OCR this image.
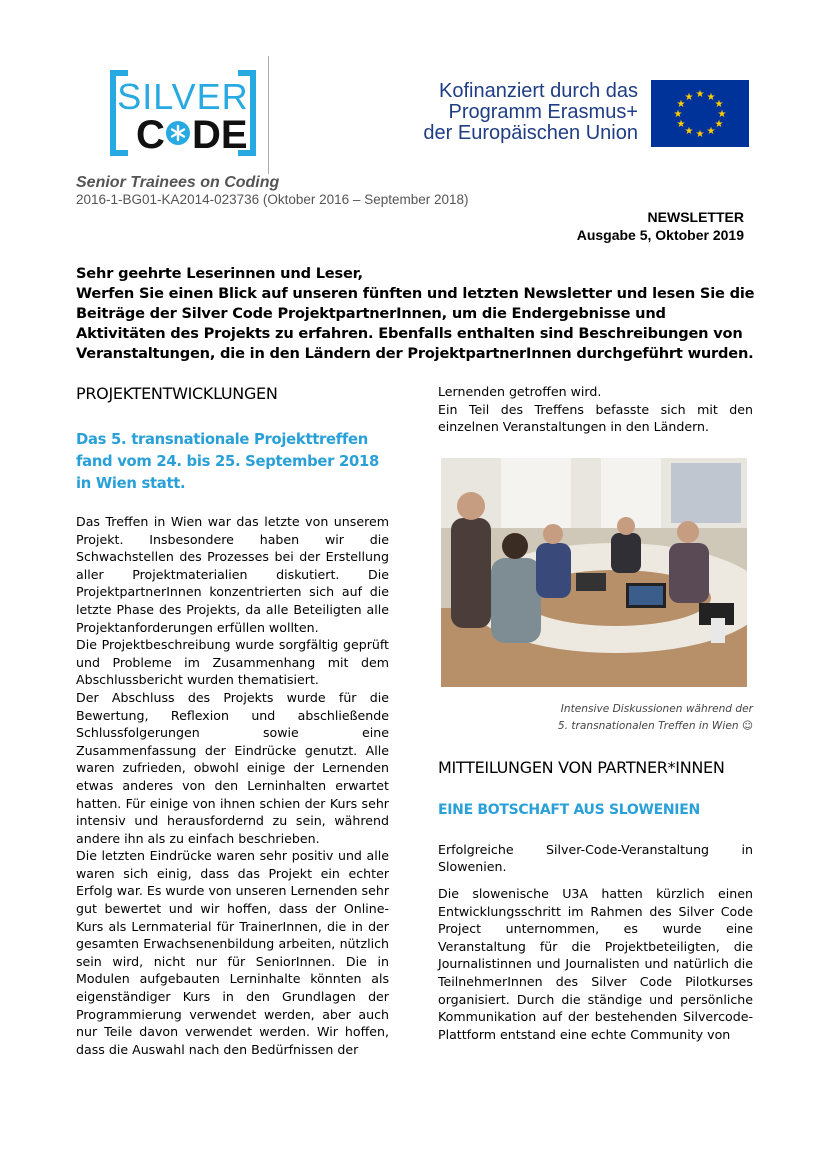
SILVER
C DE
Kofinanziert durch das
Programm Erasmus+
der Europäischen Union
★ ★
★
★
★
★
★
★
★
★
★
★
Senior Trainees on Coding
2016-1-BG01-KA2014-023736 (Oktober 2016 – September 2018)
NEWSLETTER
Ausgabe 5, Oktober 2019

Sehr geehrte Leserinnen und Leser,

Werfen Sie einen Blick auf unseren fünften und letzten Newsletter und lesen Sie die Beiträge der Silver Code ProjektpartnerInnen, um die Endergebnisse und Aktivitäten des Projekts zu erfahren. Ebenfalls enthalten sind Beschreibungen von Veranstaltungen, die in den Ländern der ProjektpartnerInnen durchgeführt wurden.

PROJEKTENTWICKLUNGEN
Das 5. transnationale Projekttreffen fand vom 24. bis 25. September 2018 in Wien statt.

Das Treffen in Wien war das letzte von unserem Projekt. Insbesondere haben wir die Schwachstellen des Prozesses bei der Erstellung aller Projektmaterialien diskutiert. Die ProjektpartnerInnen konzentrierten sich auf die letzte Phase des Projekts, da alle Beteiligten alle Projektanforderungen erfüllen wollten.

Die Projektbeschreibung wurde sorgfältig geprüft und Probleme im Zusammenhang mit dem Abschlussbericht wurden thematisiert.

Der Abschluss des Projekts wurde für die Bewertung, Reflexion und abschließende Schlussfolgerungen sowie eine Zusammenfassung der Eindrücke genutzt. Alle waren zufrieden, obwohl einige der Lernenden etwas anderes von den Lerninhalten erwartet hatten. Für einige von ihnen schien der Kurs sehr intensiv und herausfordernd zu sein, während andere ihn als zu einfach beschrieben.

Die letzten Eindrücke waren sehr positiv und alle waren sich einig, dass das Projekt ein echter Erfolg war. Es wurde von unseren Lernenden sehr gut bewertet und wir hoffen, dass der Online-Kurs als Lernmaterial für TrainerInnen, die in der gesamten Erwachsenenbildung arbeiten, nützlich sein wird, nicht nur für SeniorInnen. Die in Modulen aufgebauten Lerninhalte könnten als eigenständiger Kurs in den Grundlagen der Programmierung verwendet werden, aber auch nur Teile davon verwendet werden. Wir hoffen, dass die Auswahl nach den Bedürfnissen der

Lernenden getroffen wird.

Ein Teil des Treffens befasste sich mit den einzelnen Veranstaltungen in den Ländern.

Intensive Diskussionen während der
5. transnationalen Treffen in Wien ☺
MITTEILUNGEN VON PARTNER*INNEN
EINE BOTSCHAFT AUS SLOWENIEN

Erfolgreiche Silver-Code-Veranstaltung in Slowenien.

Die slowenische U3A hatten kürzlich einen Entwicklungsschritt im Rahmen des Silver Code Project unternommen, es wurde eine Veranstaltung für die Projektbeteiligten, die Journalistinnen und Journalisten und natürlich die TeilnehmerInnen des Silver Code Pilotkurses organisiert. Durch die ständige und persönliche Kommunikation auf der bestehenden Silvercode-Plattform entstand eine echte Community von
